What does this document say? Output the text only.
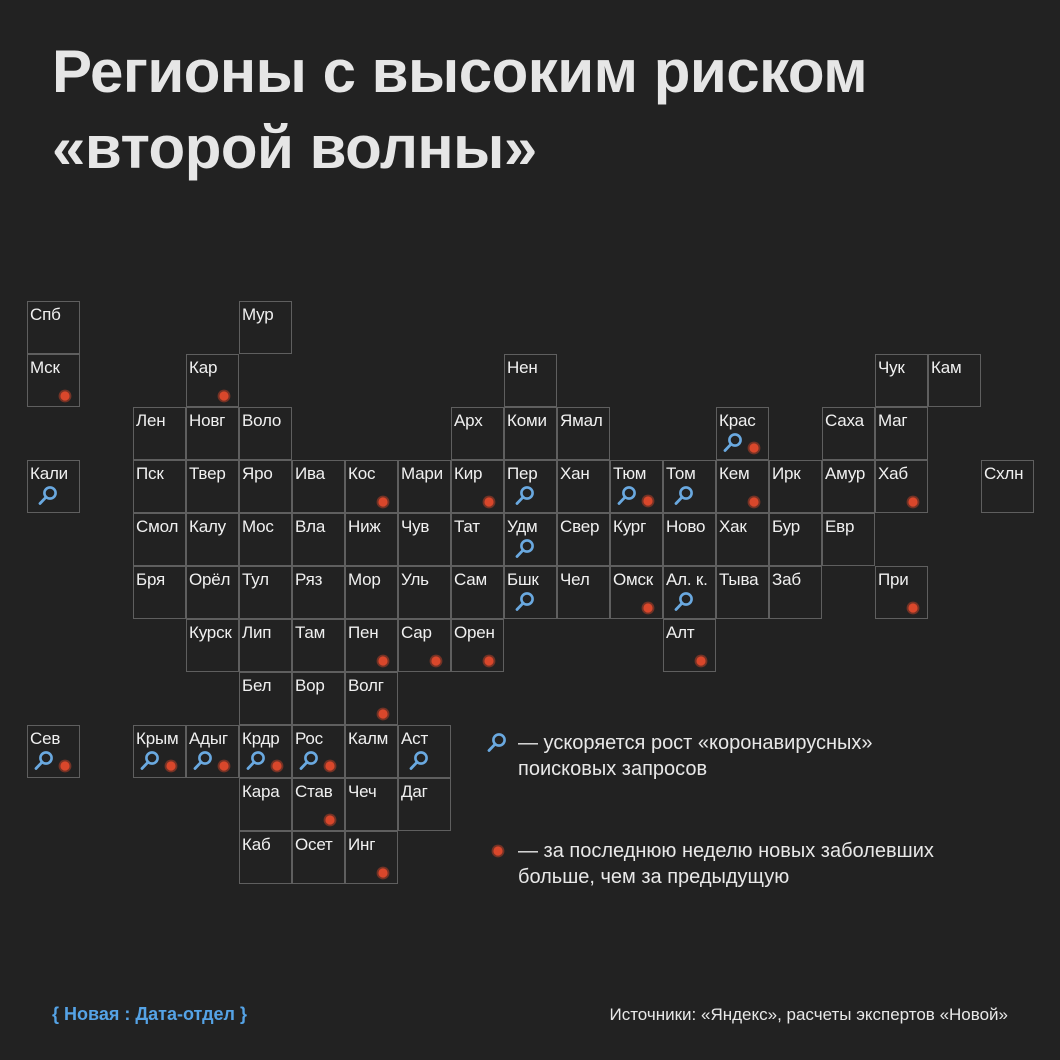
Регионы с высоким риском
«второй волны»
Спб	Мур
Мск	Кар	Нен	Чук Кам
Лен Новг Воло	Арх Коми Ямал	Крас	Саха Маг
Кали	Пск Твер Яро Ива Кос Мари Кир Пер Хан Тюм Том Кем Ирк Амур Хаб	Схлн
Смол Калу Мос Вла Ниж Чув Тат Удм Свер Кург Ново Хак Бур Евр
Бря Орёл Тул Ряз Мор Уль Сам Бшк Чел Омск Ал. к. Тыва Заб	При
Курск Лип Там Пен Сар Орен	Алт
Бел Вор Волг
Сев	Крым Адыг Крдр Рос Калм Аст
Кара Став Чеч Даг
Каб Осет Инг
— ускоряется рост «коронавирусных»
поисковых запросов
— за последнюю неделю новых заболевших
больше, чем за предыдущую
{ Новая : Дата-отдел }	Источники: «Яндекс», расчеты экспертов «Новой»
